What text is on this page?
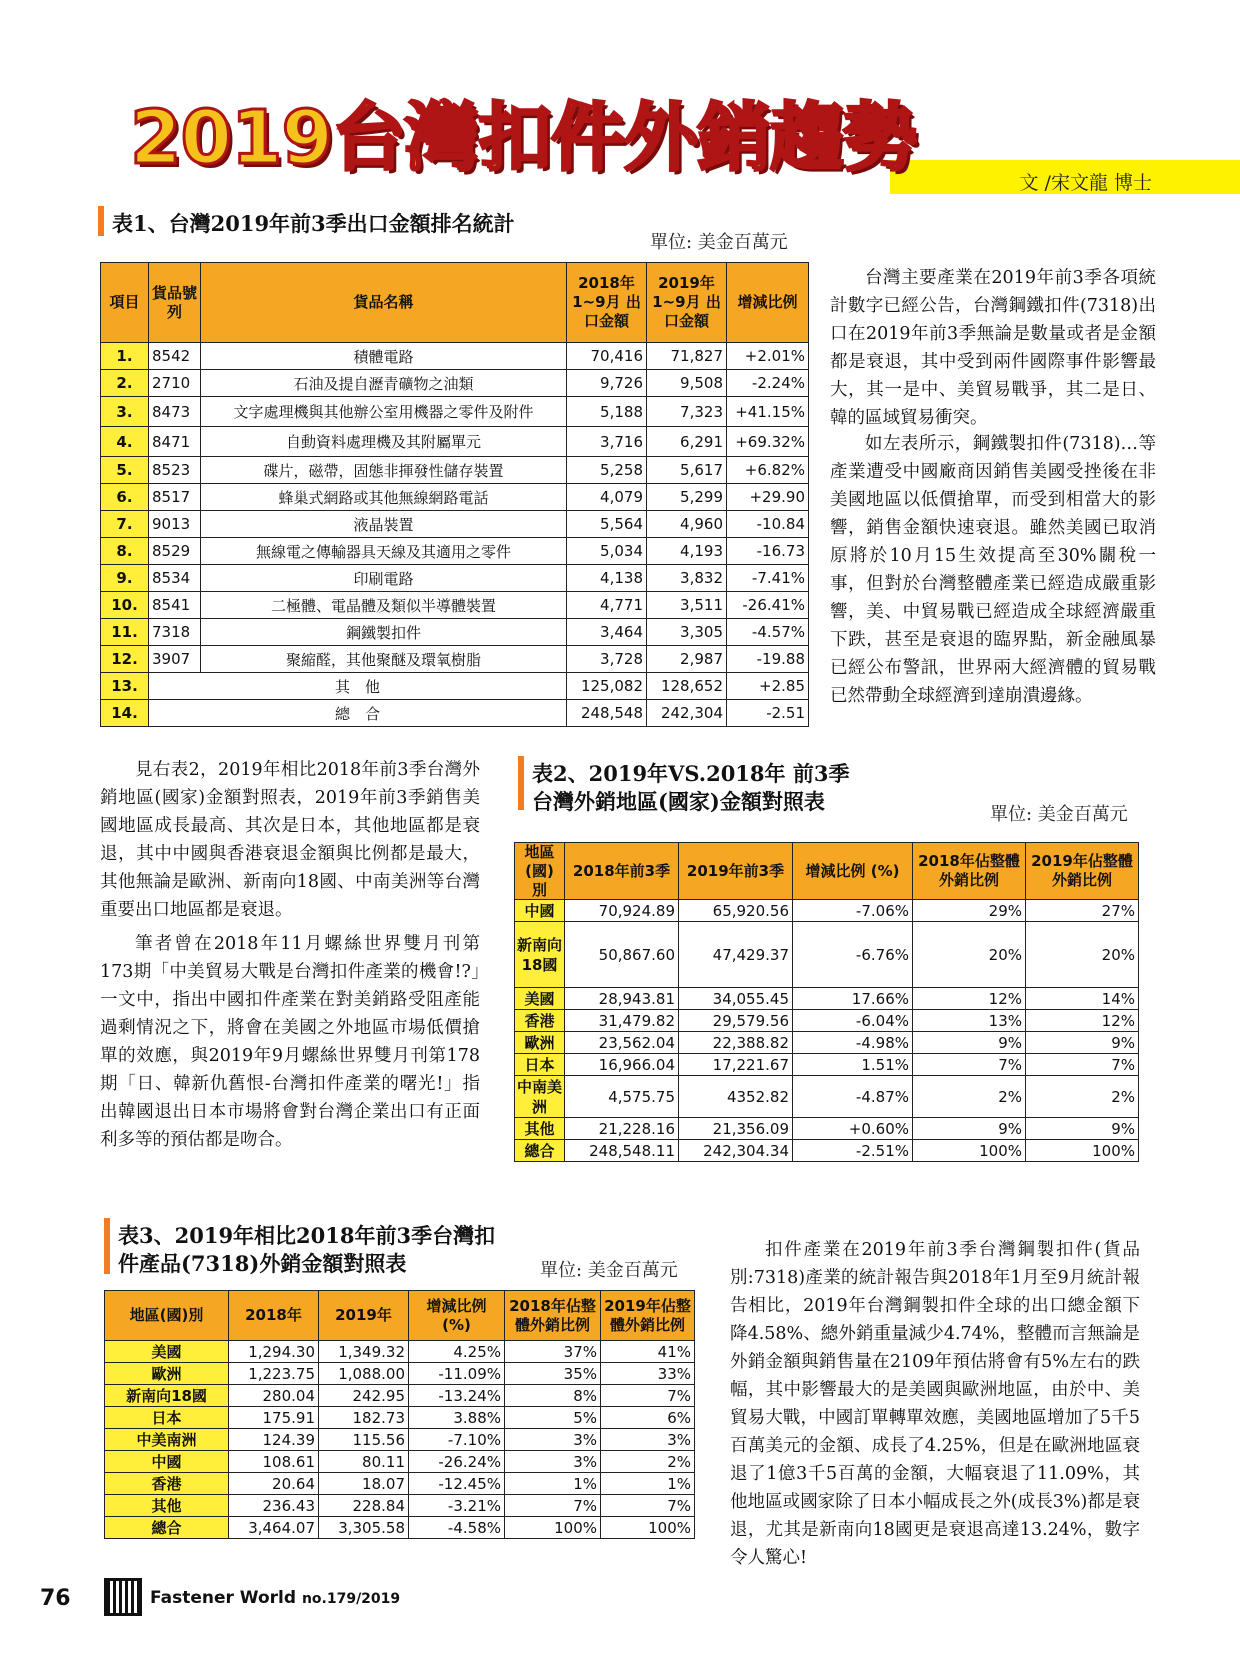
2019台灣扣件外銷趨勢
文 /宋文龍 博士
表1、台灣2019年前3季出口金額排名統計
單位: 美金百萬元
項目	貨品號列	貨品名稱	2018年 1~9月 出口金額	2019年 1~9月 出口金額	增減比例
1.	8542	積體電路	70,416	71,827	+2.01%
2.	2710	石油及提自瀝青礦物之油類	9,726	9,508	-2.24%
3.	8473	文字處理機與其他辦公室用機器之零件及附件	5,188	7,323	+41.15%
4.	8471	自動資料處理機及其附屬單元	3,716	6,291	+69.32%
5.	8523	碟片，磁帶，固態非揮發性儲存裝置	5,258	5,617	+6.82%
6.	8517	蜂巢式網路或其他無線網路電話	4,079	5,299	+29.90
7.	9013	液晶裝置	5,564	4,960	-10.84
8.	8529	無線電之傳輸器具天線及其適用之零件	5,034	4,193	-16.73
9.	8534	印刷電路	4,138	3,832	-7.41%
10.	8541	二極體、電晶體及類似半導體裝置	4,771	3,511	-26.41%
11.	7318	鋼鐵製扣件	3,464	3,305	-4.57%
12.	3907	聚縮醛，其他聚醚及環氧樹脂	3,728	2,987	-19.88
13.	其　他		125,082	128,652	+2.85
14.	總　合		248,548	242,304	-2.51
台灣主要產業在2019年前3季各項統計數字已經公告，台灣鋼鐵扣件(7318)出口在2019年前3季無論是數量或者是金額都是衰退，其中受到兩件國際事件影響最大，其一是中、美貿易戰爭，其二是日、韓的區域貿易衝突。
如左表所示，鋼鐵製扣件(7318)…等產業遭受中國廠商因銷售美國受挫後在非美國地區以低價搶單，而受到相當大的影響，銷售金額快速衰退。雖然美國已取消原將於10月15生效提高至30%關稅一事，但對於台灣整體產業已經造成嚴重影響，美、中貿易戰已經造成全球經濟嚴重下跌，甚至是衰退的臨界點，新金融風暴已經公布警訊，世界兩大經濟體的貿易戰已然帶動全球經濟到達崩潰邊緣。
見右表2，2019年相比2018年前3季台灣外銷地區(國家)金額對照表，2019年前3季銷售美國地區成長最高、其次是日本，其他地區都是衰退，其中中國與香港衰退金額與比例都是最大，其他無論是歐洲、新南向18國、中南美洲等台灣重要出口地區都是衰退。
筆者曾在2018年11月螺絲世界雙月刊第173期「中美貿易大戰是台灣扣件產業的機會!?」一文中，指出中國扣件產業在對美銷路受阻產能過剩情況之下，將會在美國之外地區市場低價搶單的效應，與2019年9月螺絲世界雙月刊第178期「日、韓新仇舊恨-台灣扣件產業的曙光!」指出韓國退出日本市場將會對台灣企業出口有正面利多等的預估都是吻合。
表2、2019年VS.2018年 前3季
台灣外銷地區(國家)金額對照表
單位: 美金百萬元
地區(國)別	2018年前3季	2019年前3季	增減比例 (%)	2018年佔整體外銷比例	2019年佔整體外銷比例
中國	70,924.89	65,920.56	-7.06%	29%	27%
新南向18國	50,867.60	47,429.37	-6.76%	20%	20%
美國	28,943.81	34,055.45	17.66%	12%	14%
香港	31,479.82	29,579.56	-6.04%	13%	12%
歐洲	23,562.04	22,388.82	-4.98%	9%	9%
日本	16,966.04	17,221.67	1.51%	7%	7%
中南美洲	4,575.75	4352.82	-4.87%	2%	2%
其他	21,228.16	21,356.09	+0.60%	9%	9%
總合	248,548.11	242,304.34	-2.51%	100%	100%
表3、2019年相比2018年前3季台灣扣
件產品(7318)外銷金額對照表	單位: 美金百萬元
地區(國)別	2018年	2019年	增減比例 (%)	2018年佔整體外銷比例	2019年佔整體外銷比例
美國	1,294.30	1,349.32	4.25%	37%	41%
歐洲	1,223.75	1,088.00	-11.09%	35%	33%
新南向18國	280.04	242.95	-13.24%	8%	7%
日本	175.91	182.73	3.88%	5%	6%
中美南洲	124.39	115.56	-7.10%	3%	3%
中國	108.61	80.11	-26.24%	3%	2%
香港	20.64	18.07	-12.45%	1%	1%
其他	236.43	228.84	-3.21%	7%	7%
總合	3,464.07	3,305.58	-4.58%	100%	100%
扣件產業在2019年前3季台灣鋼製扣件(貨品別:7318)產業的統計報告與2018年1月至9月統計報告相比，2019年台灣鋼製扣件全球的出口總金額下降4.58%、總外銷重量減少4.74%，整體而言無論是外銷金額與銷售量在2109年預估將會有5%左右的跌幅，其中影響最大的是美國與歐洲地區，由於中、美貿易大戰，中國訂單轉單效應，美國地區增加了5千5百萬美元的金額、成長了4.25%，但是在歐洲地區衰退了1億3千5百萬的金額，大幅衰退了11.09%，其他地區或國家除了日本小幅成長之外(成長3%)都是衰退，尤其是新南向18國更是衰退高達13.24%，數字令人驚心!
76	Fastener World no.179/2019
